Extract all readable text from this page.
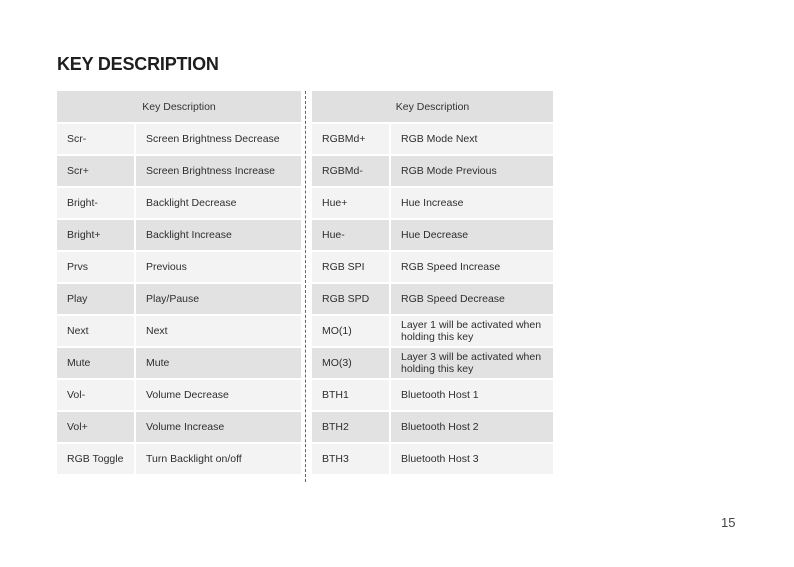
KEY DESCRIPTION
Key Description	
Scr-	Screen Brightness Decrease
Scr+	Screen Brightness Increase
Bright-	Backlight Decrease
Bright+	Backlight Increase
Prvs	Previous
Play	Play/Pause
Next	Next
Mute	Mute
Vol-	Volume Decrease
Vol+	Volume Increase
RGB Toggle	Turn Backlight on/off
Key Description	
RGBMd+	RGB Mode Next
RGBMd-	RGB Mode Previous
Hue+	Hue Increase
Hue-	Hue Decrease
RGB SPI	RGB Speed Increase
RGB SPD	RGB Speed Decrease
MO(1)	Layer 1 will be activated when holding this key
MO(3)	Layer 3 will be activated when holding this key
BTH1	Bluetooth Host 1
BTH2	Bluetooth Host 2
BTH3	Bluetooth Host 3
15
